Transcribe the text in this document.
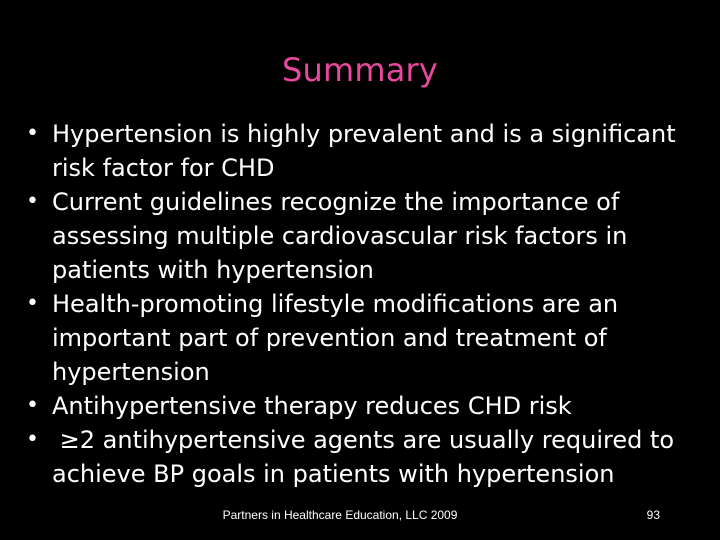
Summary
• Hypertension is highly prevalent and is a significant risk factor for CHD
• Current guidelines recognize the importance of assessing multiple cardiovascular risk factors in patients with hypertension
• Health-promoting lifestyle modifications are an important part of prevention and treatment of hypertension
• Antihypertensive therapy reduces CHD risk
• ≥2 antihypertensive agents are usually required to achieve BP goals in patients with hypertension
Partners in Healthcare Education, LLC 2009	93
